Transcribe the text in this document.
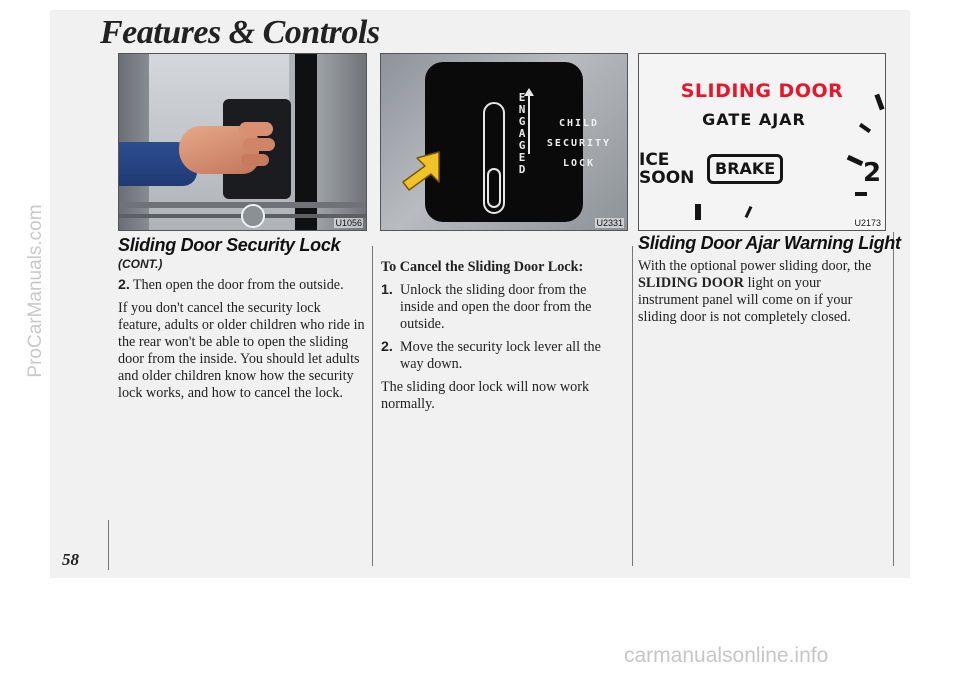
ProCarManuals.com
Features & Controls
U1056
ENGAGED
CHILD
SECURITY
LOCK
U2331
SLIDING DOOR
GATE AJAR
ICE
SOON	BRAKE	2
U2173
Sliding Door Security Lock
(CONT.)

2. Then open the door from the outside.

If you don't cancel the security lock feature, adults or older children who ride in the rear won't be able to open the sliding door from the inside. You should let adults and older children know how the security lock works, and how to cancel the lock.

To Cancel the Sliding Door Lock:
1. Unlock the sliding door from the inside and open the door from the outside.
2. Move the security lock lever all the way down.

The sliding door lock will now work normally.

Sliding Door Ajar Warning Light

With the optional power sliding door, the SLIDING DOOR light on your instrument panel will come on if your sliding door is not completely closed.

58
carmanualsonline.info
